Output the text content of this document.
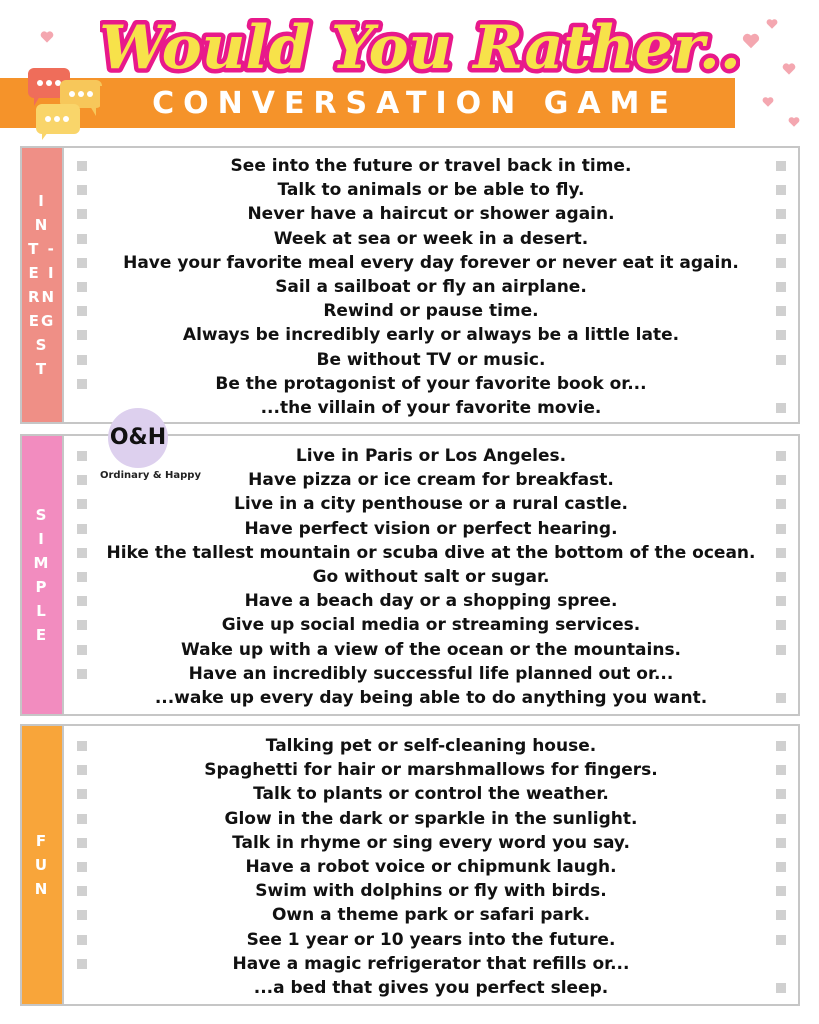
Would You Rather..
CONVERSATION GAME
I
N
T -
E I
RN
EG
S
T
See into the future or travel back in time.
Talk to animals or be able to fly.
Never have a haircut or shower again.
Week at sea or week in a desert.
Have your favorite meal every day forever or never eat it again.
Sail a sailboat or fly an airplane.
Rewind or pause time.
Always be incredibly early or always be a little late.
Be without TV or music.
Be the protagonist of your favorite book or...
...the villain of your favorite movie.
S
I
M
P
L
E
Live in Paris or Los Angeles.
Have pizza or ice cream for breakfast.
Live in a city penthouse or a rural castle.
Have perfect vision or perfect hearing.
Hike the tallest mountain or scuba dive at the bottom of the ocean.
Go without salt or sugar.
Have a beach day or a shopping spree.
Give up social media or streaming services.
Wake up with a view of the ocean or the mountains.
Have an incredibly successful life planned out or...
...wake up every day being able to do anything you want.
O&H
Ordinary & Happy
F
U
N
Talking pet or self-cleaning house.
Spaghetti for hair or marshmallows for fingers.
Talk to plants or control the weather.
Glow in the dark or sparkle in the sunlight.
Talk in rhyme or sing every word you say.
Have a robot voice or chipmunk laugh.
Swim with dolphins or fly with birds.
Own a theme park or safari park.
See 1 year or 10 years into the future.
Have a magic refrigerator that refills or...
...a bed that gives you perfect sleep.
